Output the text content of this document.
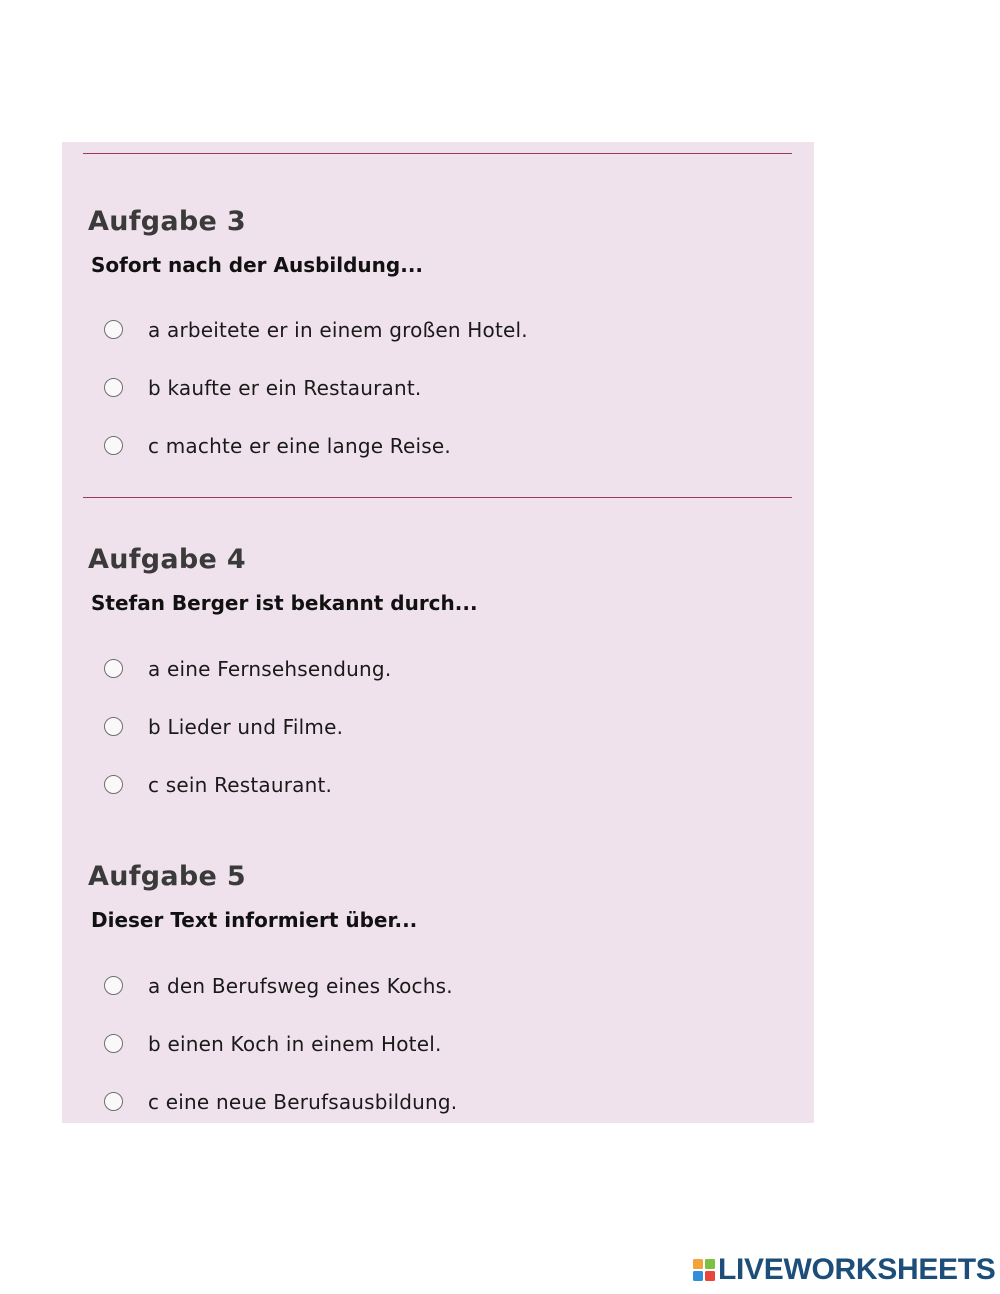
Aufgabe 3

Sofort nach der Ausbildung...

a arbeitete er in einem großen Hotel.
b kaufte er ein Restaurant.
c machte er eine lange Reise.
Aufgabe 4

Stefan Berger ist bekannt durch...

a eine Fernsehsendung.
b Lieder und Filme.
c sein Restaurant.
Aufgabe 5

Dieser Text informiert über...

a den Berufsweg eines Kochs.
b einen Koch in einem Hotel.
c eine neue Berufsausbildung.
LIVEWORKSHEETS
